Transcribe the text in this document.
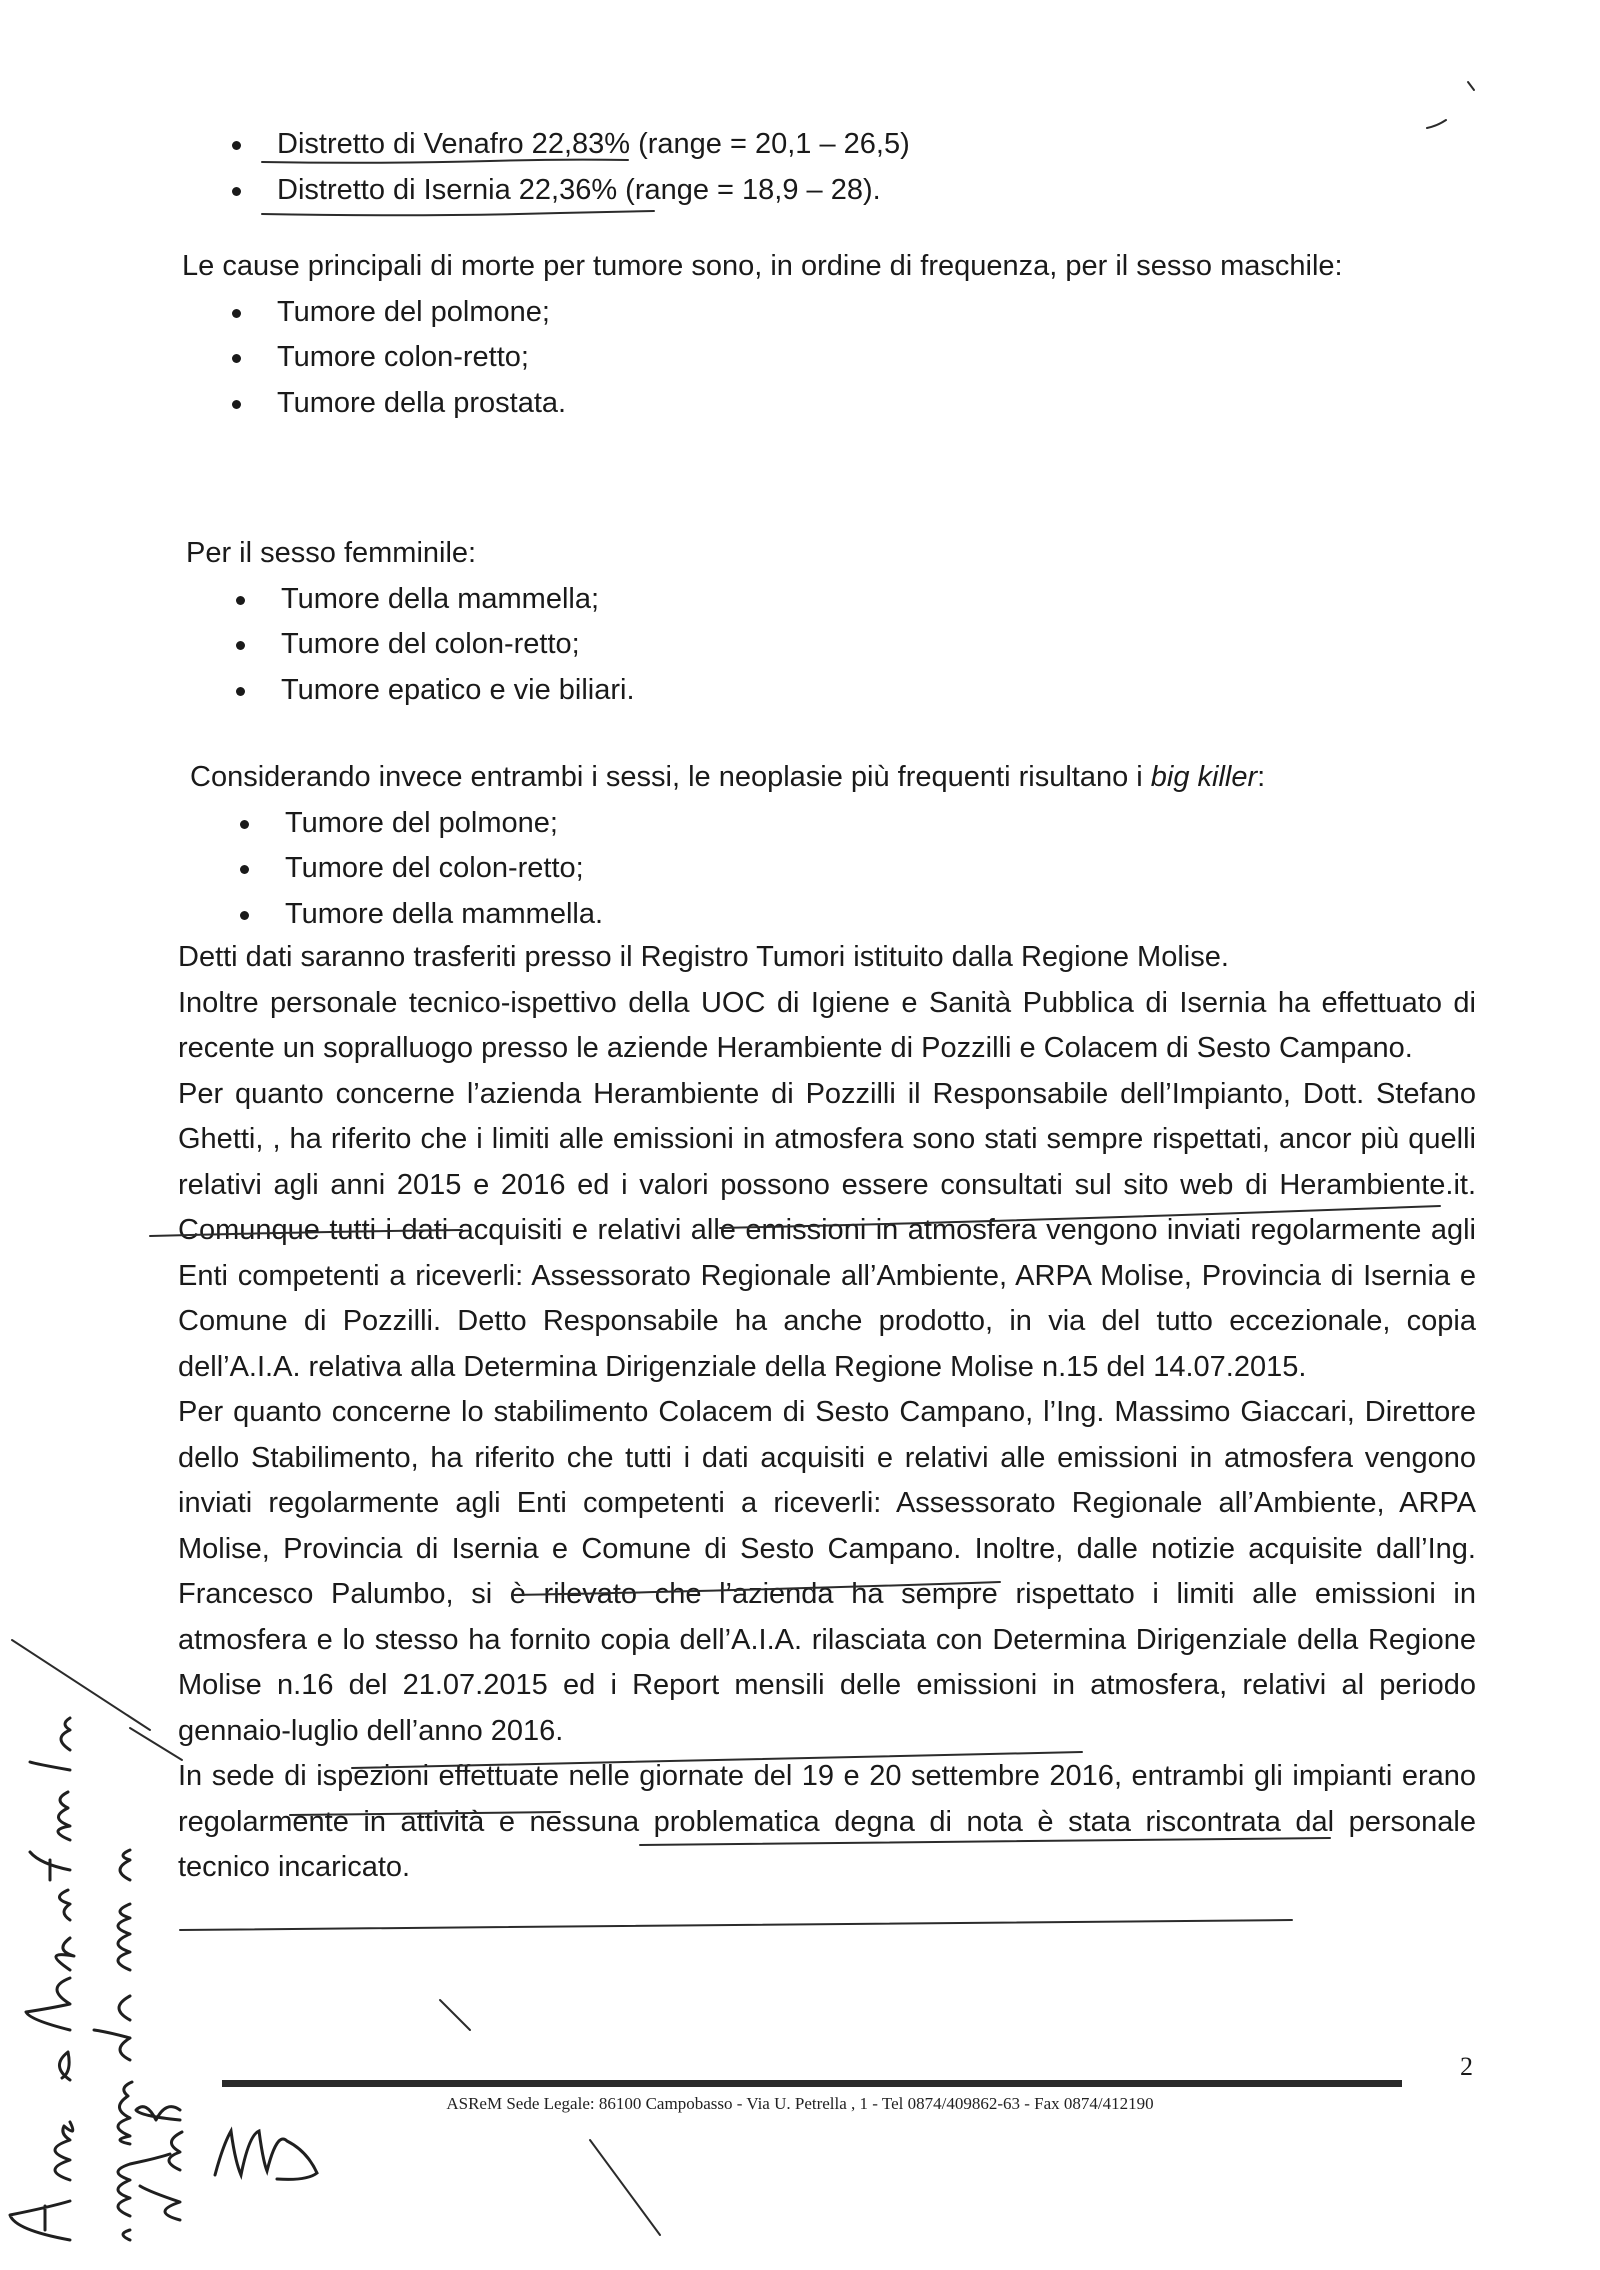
Distretto di Venafro 22,83% (range = 20,1 – 26,5)
Distretto di Isernia 22,36% (range = 18,9 – 28).

Le cause principali di morte per tumore sono, in ordine di frequenza, per il sesso maschile:

Tumore del polmone;
Tumore colon-retto;
Tumore della prostata.

Per il sesso femminile:

Tumore della mammella;
Tumore del colon-retto;
Tumore epatico e vie biliari.

Considerando invece entrambi i sessi, le neoplasie più frequenti risultano i big killer:

Tumore del polmone;
Tumore del colon-retto;
Tumore della mammella.

Detti dati saranno trasferiti presso il Registro Tumori istituito dalla Regione Molise.

Inoltre personale tecnico-ispettivo della UOC di Igiene e Sanità Pubblica di Isernia ha effettuato di recente un sopralluogo presso le aziende Herambiente di Pozzilli e Colacem di Sesto Campano.

Per quanto concerne l’azienda Herambiente di Pozzilli il Responsabile dell’Impianto, Dott. Stefano Ghetti, , ha riferito che i limiti alle emissioni in atmosfera sono stati sempre rispettati, ancor più quelli relativi agli anni 2015 e 2016 ed i valori possono essere consultati sul sito web di Herambiente.it. Comunque tutti i dati acquisiti e relativi alle emissioni in atmosfera vengono inviati regolarmente agli Enti competenti a riceverli: Assessorato Regionale all’Ambiente, ARPA Molise, Provincia di Isernia e Comune di Pozzilli. Detto Responsabile ha anche prodotto, in via del tutto eccezionale, copia dell’A.I.A. relativa alla Determina Dirigenziale della Regione Molise n.15 del 14.07.2015.

Per quanto concerne lo stabilimento Colacem di Sesto Campano, l’Ing. Massimo Giaccari, Direttore dello Stabilimento, ha riferito che tutti i dati acquisiti e relativi alle emissioni in atmosfera vengono inviati regolarmente agli Enti competenti a riceverli: Assessorato Regionale all’Ambiente, ARPA Molise, Provincia di Isernia e Comune di Sesto Campano. Inoltre, dalle notizie acquisite dall’Ing. Francesco Palumbo, si è rilevato che l’azienda ha sempre rispettato i limiti alle emissioni in atmosfera e lo stesso ha fornito copia dell’A.I.A. rilasciata con Determina Dirigenziale della Regione Molise n.16 del 21.07.2015 ed i Report mensili delle emissioni in atmosfera, relativi al periodo gennaio-luglio dell’anno 2016.

In sede di ispezioni effettuate nelle giornate del 19 e 20 settembre 2016, entrambi gli impianti erano regolarmente in attività e nessuna problematica degna di nota è stata riscontrata dal personale tecnico incaricato.

2
ASReM Sede Legale: 86100 Campobasso - Via U. Petrella , 1 - Tel 0874/409862-63 - Fax 0874/412190
